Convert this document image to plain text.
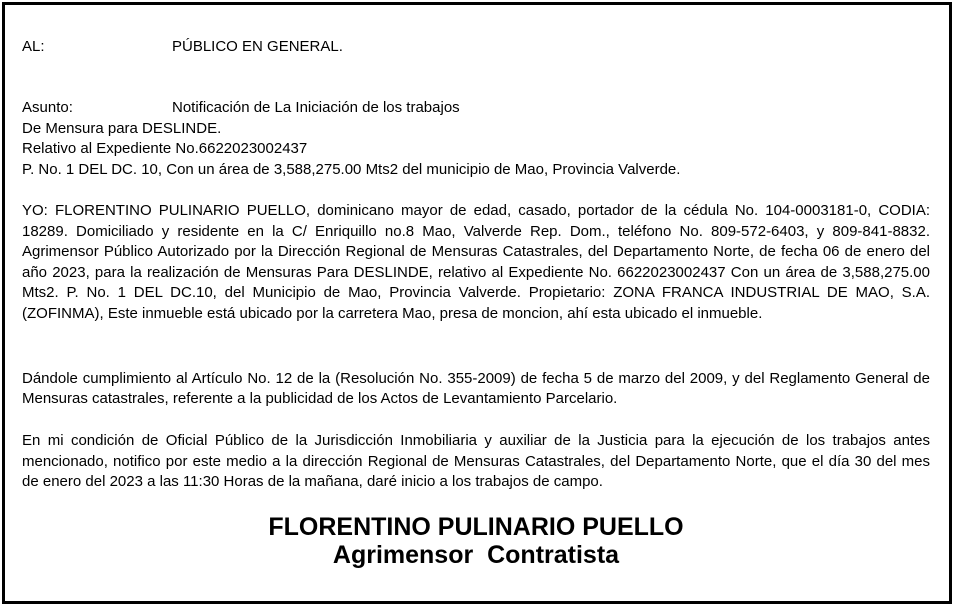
AL:	PÚBLICO EN GENERAL.
Asunto:	Notificación de La Iniciación de los trabajos
De Mensura para DESLINDE.
Relativo al Expediente No.6622023002437
P. No. 1 DEL DC. 10, Con un área de 3,588,275.00 Mts2 del municipio de Mao, Provincia Valverde.
YO: FLORENTINO PULINARIO PUELLO, dominicano mayor de edad, casado, portador de la cédula No. 104-0003181-0, CODIA: 18289. Domiciliado y residente en la C/ Enriquillo no.8 Mao, Valverde Rep. Dom., teléfono No. 809-572-6403, y 809-841-8832. Agrimensor Público Autorizado por la Dirección Regional de Mensuras Catastrales, del Departamento Norte, de fecha 06 de enero del año 2023, para la realización de Mensuras Para DESLINDE, relativo al Expediente No. 6622023002437 Con un área de 3,588,275.00 Mts2. P. No. 1 DEL DC.10, del Municipio de Mao, Provincia Valverde. Propietario: ZONA FRANCA INDUSTRIAL DE MAO, S.A. (ZOFINMA), Este inmueble está ubicado por la carretera Mao, presa de moncion, ahí esta ubicado el inmueble.
Dándole cumplimiento al Artículo No. 12 de la (Resolución No. 355-2009) de fecha 5 de marzo del 2009, y del Reglamento General de Mensuras catastrales, referente a la publicidad de los Actos de Levantamiento Parcelario.
En mi condición de Oficial Público de la Jurisdicción Inmobiliaria y auxiliar de la Justicia para la ejecución de los trabajos antes mencionado, notifico por este medio a la dirección Regional de Mensuras Catastrales, del Departamento Norte, que el día 30 del mes de enero del 2023 a las 11:30 Horas de la mañana, daré inicio a los trabajos de campo.
FLORENTINO PULINARIO PUELLO
Agrimensor  Contratista
